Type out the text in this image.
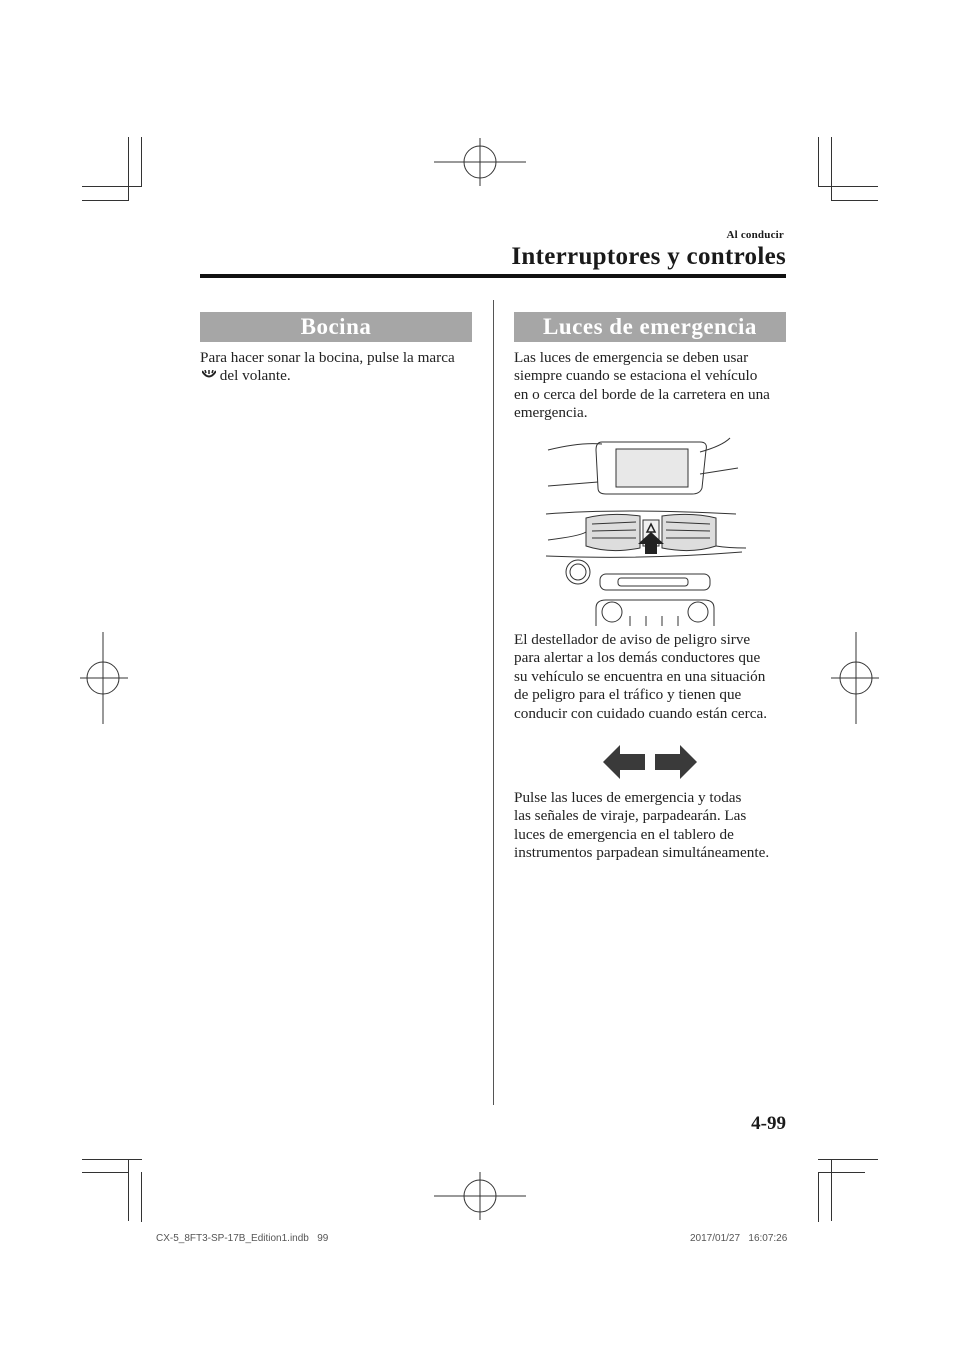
Al conducir
Interruptores y controles
Bocina
Para hacer sonar la bocina, pulse la marca
del volante.
Luces de emergencia
Las luces de emergencia se deben usar
siempre cuando se estaciona el vehículo
en o cerca del borde de la carretera en una
emergencia.
El destellador de aviso de peligro sirve
para alertar a los demás conductores que
su vehículo se encuentra en una situación
de peligro para el tráfico y tienen que
conducir con cuidado cuando están cerca.
Pulse las luces de emergencia y todas
las señales de viraje, parpadearán. Las
luces de emergencia en el tablero de
instrumentos parpadean simultáneamente.
4-99
CX-5_8FT3-SP-17B_Edition1.indb   99	2017/01/27   16:07:26
